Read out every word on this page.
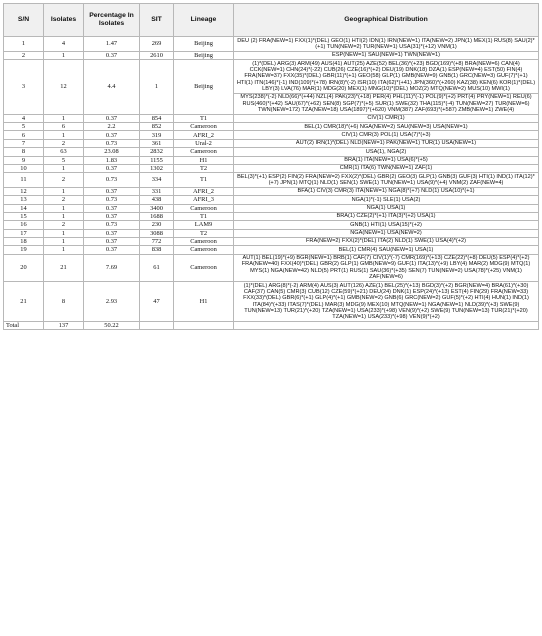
S/N	Isolates	Percentage In Isolates	SIT	Lineage	Geographical Distribution
1	4	1.47	269	Beijing	DEU (2) FRA(NEW=1) FXX(1)*(DEL) GEO(1) HTI(2) IDN(1) IRN(NEW=1) ITA(NEW=2) JPN(1) MEX(1) RUS(8) SAU(2)*(+1) TUN(NEW=2) TUR(NEW=1) USA(31)*(+12) VNM(1)
2	1	0.37	2610	Beijing	ESP(NEW=1) SAU(NEW=1) TWN(NEW=1)
3	12	4.4	1	Beijing	(1)*(DEL) ARG(3) ARM(49) AUS(41) AUT(25) AZE(52) BEL(36)*(+23) BGD(169)*(+8) BRA(NEW=6) CAN(4) CCK(NEW=1) CHN(24)*(-22) CUB(26) CZE(16)*(+2) DEU(19) DNK(18) DZA(1) ESP(NEW=4) EST(50) FIN(4) FRA(NEW=37) FXX(35)*(DEL) GBR(11)*(+1) GEO(58) GLP(1) GMB(NEW=9) GNB(1) GRC(NEW=3) GUF(7)*(+1) HTI(1) ITN(146)*(-1) IND(109)*(+78) IRN(8)*(-2) ISR(10) ITA(62)*(+41) JPN(360)*(+260) KAZ(38) KEN(6) KOR(1)*(DEL) LBY(3) LVA(76) MAR(1) MDG(20) MEX(1) MNG(10)*(DEL) MOZ(2) MTQ(NEW=2) MUS(10) MWI(1)
					MYS(238)*(-2) NLD(66)*(+44) NZL(4) PAK(23)*(+18) PER(4) PHL(11)*(-1) POL(9)*(+2) PRT(4) PRY(NEW=1) REU(6) RUS(460)*(+42) SAU(67)*(+62) SEN(8) SGP(7)*(+5) SUR(1) SWE(32) THA(115)*(-4) TUN(NEW=27) TUR(NEW=6) TWN(NEW=172) TZA(NEW=18) USA(1897)*(+620) VNM(387) ZAF(693)*(+587) ZMB(NEW=1) ZWE(4)
4	1	0.37	854	T1	CIV(1) CMR(1)
5	6	2.2	852	Cameroon	BEL(1) CMR(18)*(+6) NGA(NEW=2) SAU(NEW=3) USA(NEW=1)
6	1	0.37	319	AFRI_2	CIV(1) CMR(3) POL(1) USA(7)*(+3)
7	2	0.73	361	Ural-2	AUT(2) IRN(1)*(DEL) NLD(NEW=1) PAK(NEW=1) TUR(1) USA(NEW=1)
8	63	23.08	2832	Cameroon	USA(1), NGA(2)
9	5	1.83	1155	H1	BRA(1) ITA(NEW=1) USA(6)*(+5)
10	1	0.37	1302	T2	CMR(1) ITA(6) TWN(NEW=1) ZAF(1)
11	2	0.73	334	T1	BEL(3)*(+1) ESP(2) FIN(2) FRA(NEW=2) FXX(2)*(DEL) GBR(2) GEO(3) GLP(1) GNB(3) GUF(3) HTI(1) IND(1) ITA(12)*(+7) JPN(1) MTQ(1) NLD(1) SEN(1) SWE(1) TUN(NEW=1) USA(9)*(+4) VNM(2) ZAF(NEW=4)
12	1	0.37	331	AFRI_2	BFA(1) CIV(3) CMR(3) ITA(NEW=1) NGA(8)*(+7) NLD(1) USA(10)*(+1)
13	2	0.73	438	AFRI_3	NGA(1)*(-1) SLE(1) USA(2)
14	1	0.37	3400	Cameroon	NGA(1) USA(1)
15	1	0.37	1688	T1	BRA(1) CZE(2)*(+1) ITA(3)*(+2) USA(1)
16	2	0.73	230	LAM9	GNB(1) HTI(1) USA(15)*(+2)
17	1	0.37	3088	T2	NGA(NEW=1) USA(NEW=2)
18	1	0.37	772	Cameroon	FRA(NEW=2) FXX(2)*(DEL) ITA(2) NLD(1) SWE(1) USA(4)*(+2)
19	1	0.37	838	Cameroon	BEL(1) CMR(4) SAU(NEW=1) USA(1)
20	21	7.69	61	Cameroon	AUT(1) BEL(19)*(+9) BGR(NEW=1) BRB(1) CAF(7) CIV(1)*(-7) CMR(169)*(+13) CZE(22)*(+8) DEU(5) ESP(4)*(+2) FRA(NEW=40) FXX(40)*(DEL) GBR(2) GLP(1) GMB(NEW=9) GUF(1) ITA(13)*(+9) LBY(4) MAR(2) MDG(9) MTQ(1) MYS(1) NGA(NEW=42) NLD(5) PRT(1) RUS(1) SAU(36)*(+35) SEN(7) TUN(NEW=2) USA(78)*(+25) VNM(1) ZAF(NEW=6)
21	8	2.93	47	H1	(1)*(DEL) ARG(8)*(-2) ARM(4) AUS(3) AUT(126) AZE(1) BEL(25)*(+13) BGD(3)*(+2) BGR(NEW=4) BRA(61)*(+30) CAF(37) CAN(5) CMR(3) CUB(12) CZE(59)*(+21) DEU(24) DNK(1) ESP(24)*(+13) EST(4) FIN(29) FRA(NEW=33) FXX(33)*(DEL) GBR(6)*(+1) GLP(4)*(+1) GMB(NEW=2) GNB(6) GRC(NEW=2) GUF(5)*(+2) HTI(4) HUN(1) IND(1) ITA(84)*(+33) ITAS(7)*(DEL) MAR(3) MDG(9) MEX(10) MTQ(NEW=1) NGA(NEW=1) NLD(39)*(+3) SWE(9) TUN(NEW=13) TUR(21)*(+20) TZA(NEW=1) USA(233)*(+98) VEN(9)*(+2) SWE(9) TUN(NEW=13) TUR(21)*(+20) TZA(NEW=1) USA(233)*(+98) VEN(9)*(+2)
Total	137	50.22			
